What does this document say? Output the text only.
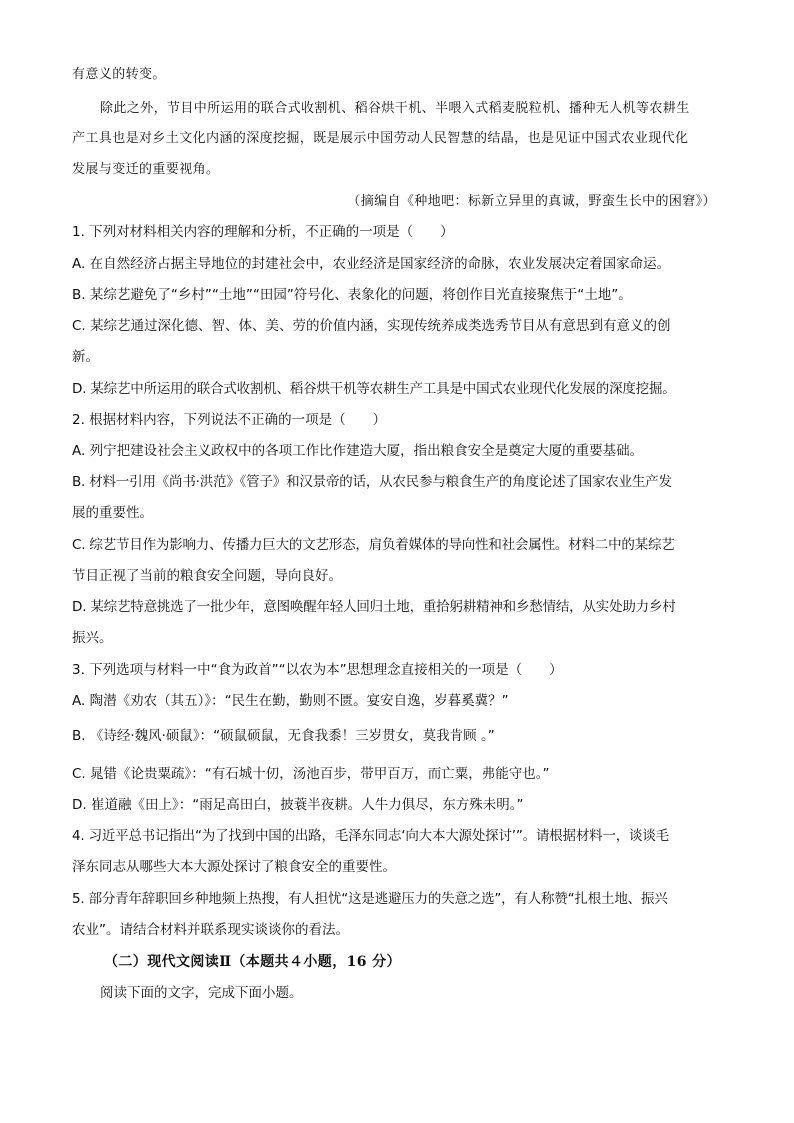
有意义的转变。
除此之外，节目中所运用的联合式收割机、稻谷烘干机、半喂入式稻麦脱粒机、播种无人机等农耕生
产工具也是对乡土文化内涵的深度挖掘，既是展示中国劳动人民智慧的结晶，也是见证中国式农业现代化
发展与变迁的重要视角。
（摘编自《种地吧：标新立异里的真诚，野蛮生长中的困窘》）
1. 下列对材料相关内容的理解和分析，不正确的一项是（　　）
A. 在自然经济占据主导地位的封建社会中，农业经济是国家经济的命脉，农业发展决定着国家命运。
B. 某综艺避免了“乡村”“土地”“田园”符号化、表象化的问题，将创作目光直接聚焦于“土地”。
C. 某综艺通过深化德、智、体、美、劳的价值内涵，实现传统养成类选秀节目从有意思到有意义的创
新。
D. 某综艺中所运用的联合式收割机、稻谷烘干机等农耕生产工具是中国式农业现代化发展的深度挖掘。
2. 根据材料内容，下列说法不正确的一项是（　　）
A. 列宁把建设社会主义政权中的各项工作比作建造大厦，指出粮食安全是奠定大厦的重要基础。
B. 材料一引用《尚书·洪范》《管子》和汉景帝的话，从农民参与粮食生产的角度论述了国家农业生产发
展的重要性。
C. 综艺节目作为影响力、传播力巨大的文艺形态，肩负着媒体的导向性和社会属性。材料二中的某综艺
节目正视了当前的粮食安全问题，导向良好。
D. 某综艺特意挑选了一批少年，意图唤醒年轻人回归土地，重拾躬耕精神和乡愁情结，从实处助力乡村
振兴。
3. 下列选项与材料一中“食为政首”“以农为本”思想理念直接相关的一项是（　　）
A. 陶潜《劝农（其五）》：“民生在勤，勤则不匮。宴安自逸，岁暮奚冀？”
B. 《诗经·魏风·硕鼠》：“硕鼠硕鼠，无食我黍！三岁贯女，莫我肯顾 。”
C. 晁错《论贵粟疏》：“有石城十仞，汤池百步，带甲百万，而亡粟，弗能守也。”
D. 崔道融《田上》：“雨足高田白，披蓑半夜耕。人牛力俱尽，东方殊未明。”
4. 习近平总书记指出“为了找到中国的出路，毛泽东同志‘向大本大源处探讨’”。请根据材料一，谈谈毛
泽东同志从哪些大本大源处探讨了粮食安全的重要性。
5. 部分青年辞职回乡种地频上热搜，有人担忧“这是逃避压力的失意之选”，有人称赞“扎根土地、振兴
农业”。请结合材料并联系现实谈谈你的看法。
（二）现代文阅读Ⅱ（本题共４小题，16 分）
阅读下面的文字，完成下面小题。
